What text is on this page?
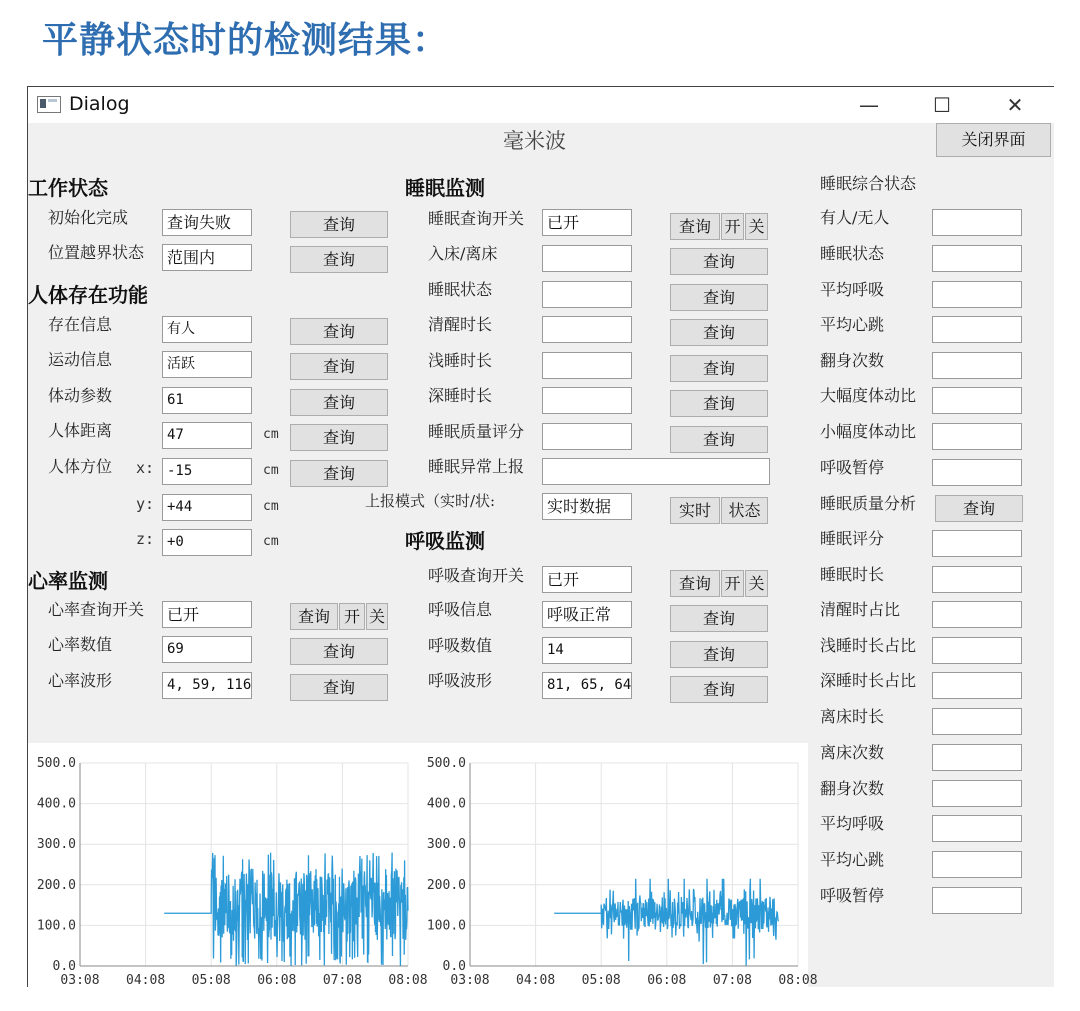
平静状态时的检测结果：
Dialog	—	☐	✕
毫米波	关闭界面
工作状态
人体存在功能
心率监测
睡眠监测
呼吸监测
睡眠综合状态
0.0
100.0
200.0
300.0
400.0
500.0
03:08 04:08 05:08 06:08 07:08 08:08
0.0
100.0
200.0
300.0
400.0
500.0
03:08 04:08 05:08 06:08 07:08 08:08
初始化完成	查询失败	查询
位置越界状态	范围内	查询
存在信息	有人	查询
运动信息	活跃	查询
体动参数	61	查询
人体距离	47	cm	查询
人体方位 x: -15	cm	查询
y: +44	cm
z: +0	cm
心率查询开关	已开	查询 开 关
心率数值	69	查询
心率波形	4, 59, 116	查询
睡眠查询开关	已开	查询 开 关
入床/离床	查询
睡眠状态	查询
清醒时长	查询
浅睡时长	查询
深睡时长	查询
睡眠质量评分	查询
睡眠异常上报
上报模式（实时/状:	实时数据	实时	状态
呼吸查询开关	已开	查询 开 关
呼吸信息	呼吸正常	查询
呼吸数值	14	查询
呼吸波形	81, 65, 64	查询
有人/无人
睡眠状态
平均呼吸
平均心跳
翻身次数
大幅度体动比
小幅度体动比
呼吸暂停
睡眠质量分析	查询
睡眠评分
睡眠时长
清醒时占比
浅睡时长占比
深睡时长占比
离床时长
离床次数
翻身次数
平均呼吸
平均心跳
呼吸暂停
